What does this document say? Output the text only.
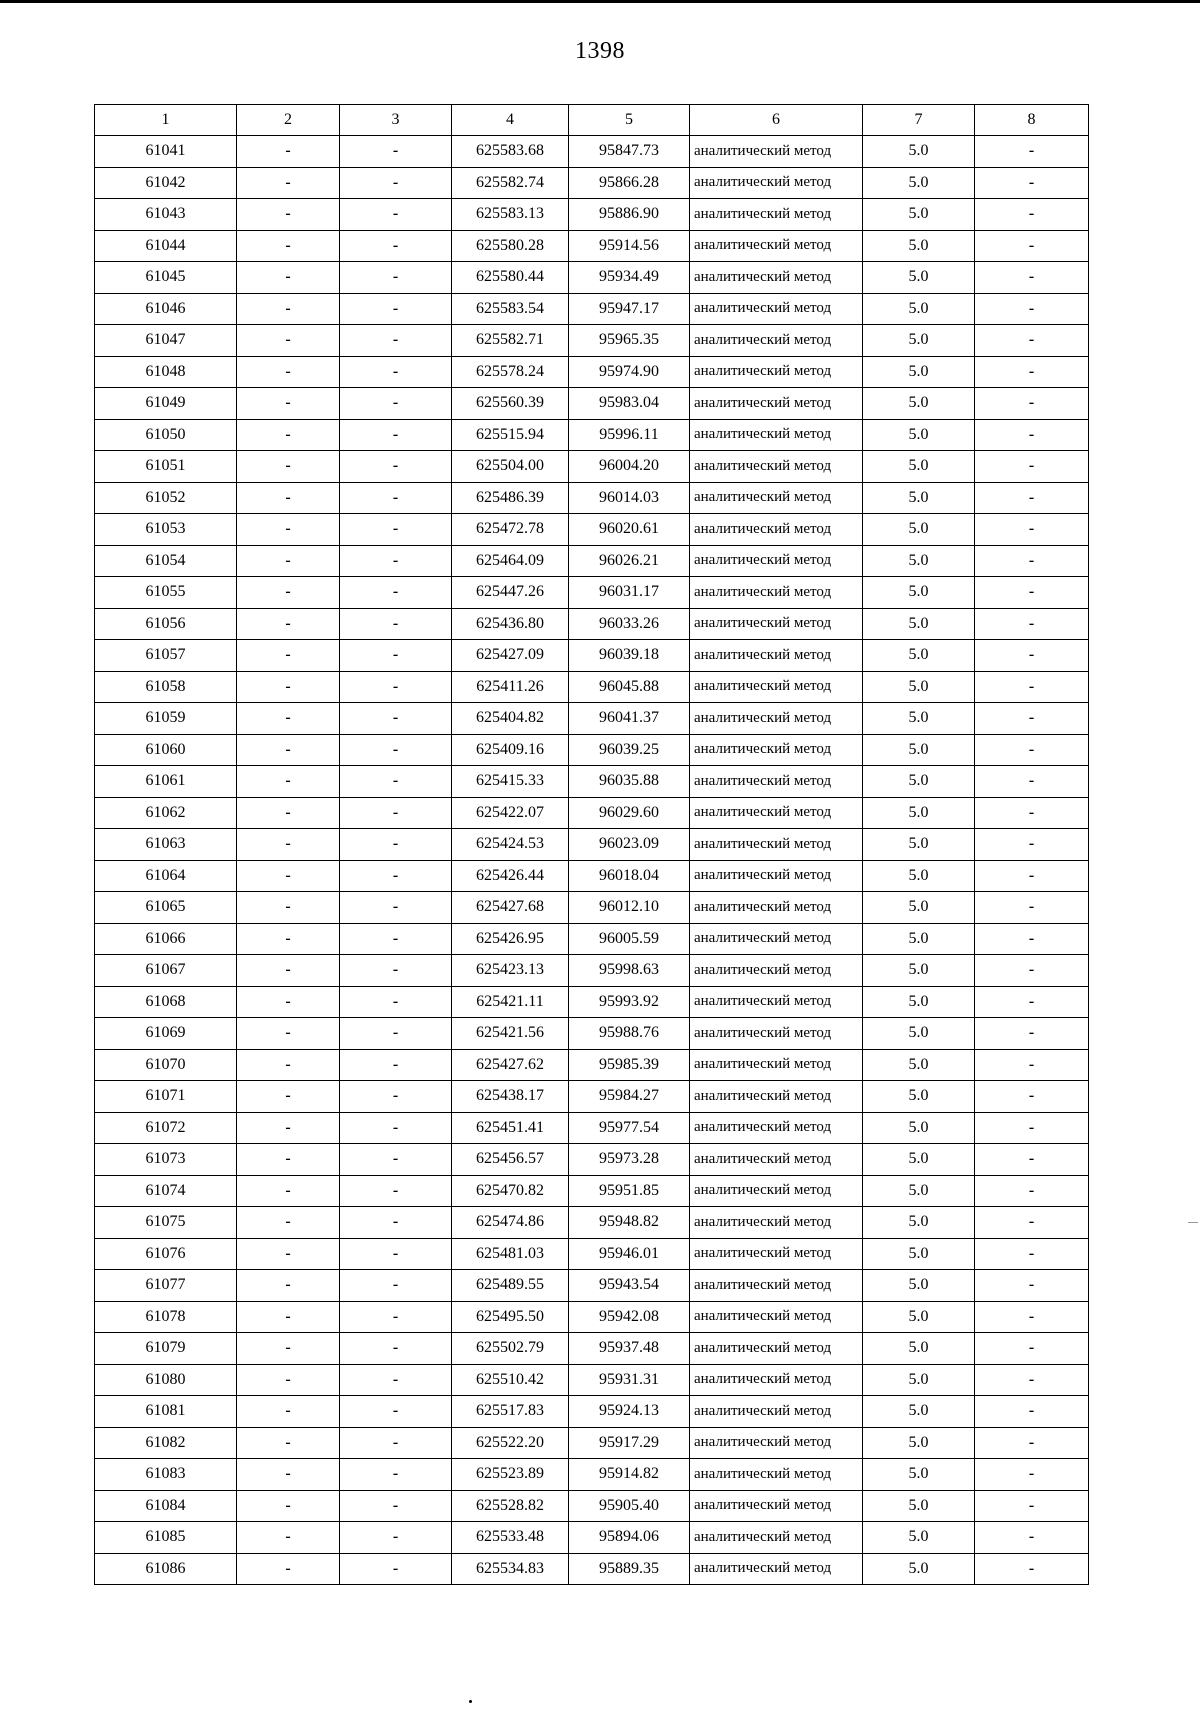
1398
1	2	3	4	5	6	7	8
61041	-	-	625583.68	95847.73	аналитический метод	5.0	-
61042	-	-	625582.74	95866.28	аналитический метод	5.0	-
61043	-	-	625583.13	95886.90	аналитический метод	5.0	-
61044	-	-	625580.28	95914.56	аналитический метод	5.0	-
61045	-	-	625580.44	95934.49	аналитический метод	5.0	-
61046	-	-	625583.54	95947.17	аналитический метод	5.0	-
61047	-	-	625582.71	95965.35	аналитический метод	5.0	-
61048	-	-	625578.24	95974.90	аналитический метод	5.0	-
61049	-	-	625560.39	95983.04	аналитический метод	5.0	-
61050	-	-	625515.94	95996.11	аналитический метод	5.0	-
61051	-	-	625504.00	96004.20	аналитический метод	5.0	-
61052	-	-	625486.39	96014.03	аналитический метод	5.0	-
61053	-	-	625472.78	96020.61	аналитический метод	5.0	-
61054	-	-	625464.09	96026.21	аналитический метод	5.0	-
61055	-	-	625447.26	96031.17	аналитический метод	5.0	-
61056	-	-	625436.80	96033.26	аналитический метод	5.0	-
61057	-	-	625427.09	96039.18	аналитический метод	5.0	-
61058	-	-	625411.26	96045.88	аналитический метод	5.0	-
61059	-	-	625404.82	96041.37	аналитический метод	5.0	-
61060	-	-	625409.16	96039.25	аналитический метод	5.0	-
61061	-	-	625415.33	96035.88	аналитический метод	5.0	-
61062	-	-	625422.07	96029.60	аналитический метод	5.0	-
61063	-	-	625424.53	96023.09	аналитический метод	5.0	-
61064	-	-	625426.44	96018.04	аналитический метод	5.0	-
61065	-	-	625427.68	96012.10	аналитический метод	5.0	-
61066	-	-	625426.95	96005.59	аналитический метод	5.0	-
61067	-	-	625423.13	95998.63	аналитический метод	5.0	-
61068	-	-	625421.11	95993.92	аналитический метод	5.0	-
61069	-	-	625421.56	95988.76	аналитический метод	5.0	-
61070	-	-	625427.62	95985.39	аналитический метод	5.0	-
61071	-	-	625438.17	95984.27	аналитический метод	5.0	-
61072	-	-	625451.41	95977.54	аналитический метод	5.0	-
61073	-	-	625456.57	95973.28	аналитический метод	5.0	-
61074	-	-	625470.82	95951.85	аналитический метод	5.0	-
61075	-	-	625474.86	95948.82	аналитический метод	5.0	-
61076	-	-	625481.03	95946.01	аналитический метод	5.0	-
61077	-	-	625489.55	95943.54	аналитический метод	5.0	-
61078	-	-	625495.50	95942.08	аналитический метод	5.0	-
61079	-	-	625502.79	95937.48	аналитический метод	5.0	-
61080	-	-	625510.42	95931.31	аналитический метод	5.0	-
61081	-	-	625517.83	95924.13	аналитический метод	5.0	-
61082	-	-	625522.20	95917.29	аналитический метод	5.0	-
61083	-	-	625523.89	95914.82	аналитический метод	5.0	-
61084	-	-	625528.82	95905.40	аналитический метод	5.0	-
61085	-	-	625533.48	95894.06	аналитический метод	5.0	-
61086	-	-	625534.83	95889.35	аналитический метод	5.0	-
